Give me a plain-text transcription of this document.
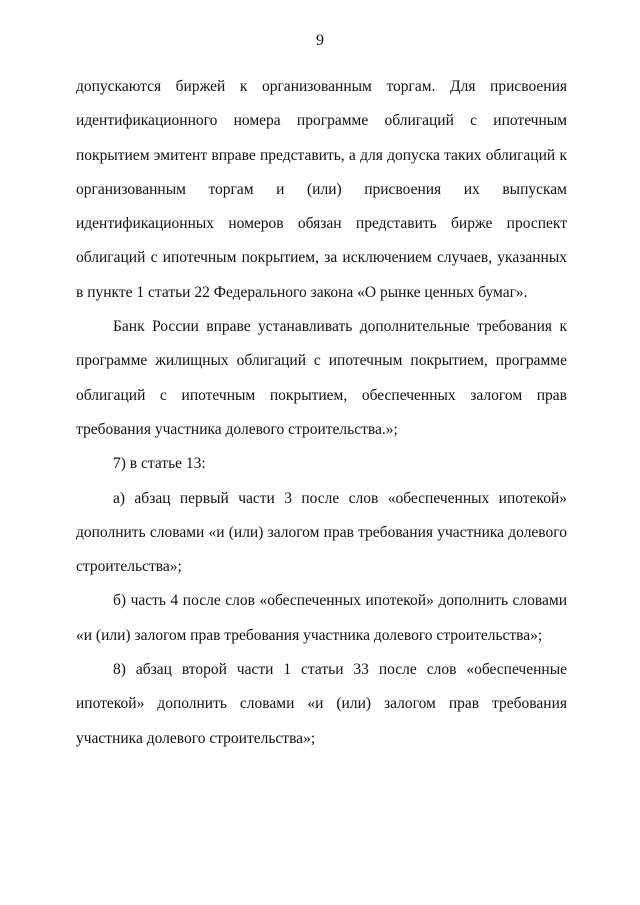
9

допускаются биржей к организованным торгам. Для присвоения идентификационного номера программе облигаций с ипотечным покрытием эмитент вправе представить, а для допуска таких облигаций к организованным торгам и (или) присвоения их выпускам идентификационных номеров обязан представить бирже проспект облигаций с ипотечным покрытием, за исключением случаев, указанных в пункте 1 статьи 22 Федерального закона «О рынке ценных бумаг».

Банк России вправе устанавливать дополнительные требования к программе жилищных облигаций с ипотечным покрытием, программе облигаций с ипотечным покрытием, обеспеченных залогом прав требования участника долевого строительства.»;

7) в статье 13:

а) абзац первый части 3 после слов «обеспеченных ипотекой» дополнить словами «и (или) залогом прав требования участника долевого строительства»;

б) часть 4 после слов «обеспеченных ипотекой» дополнить словами «и (или) залогом прав требования участника долевого строительства»;

8) абзац второй части 1 статьи 33 после слов «обеспеченные ипотекой» дополнить словами «и (или) залогом прав требования участника долевого строительства»;
